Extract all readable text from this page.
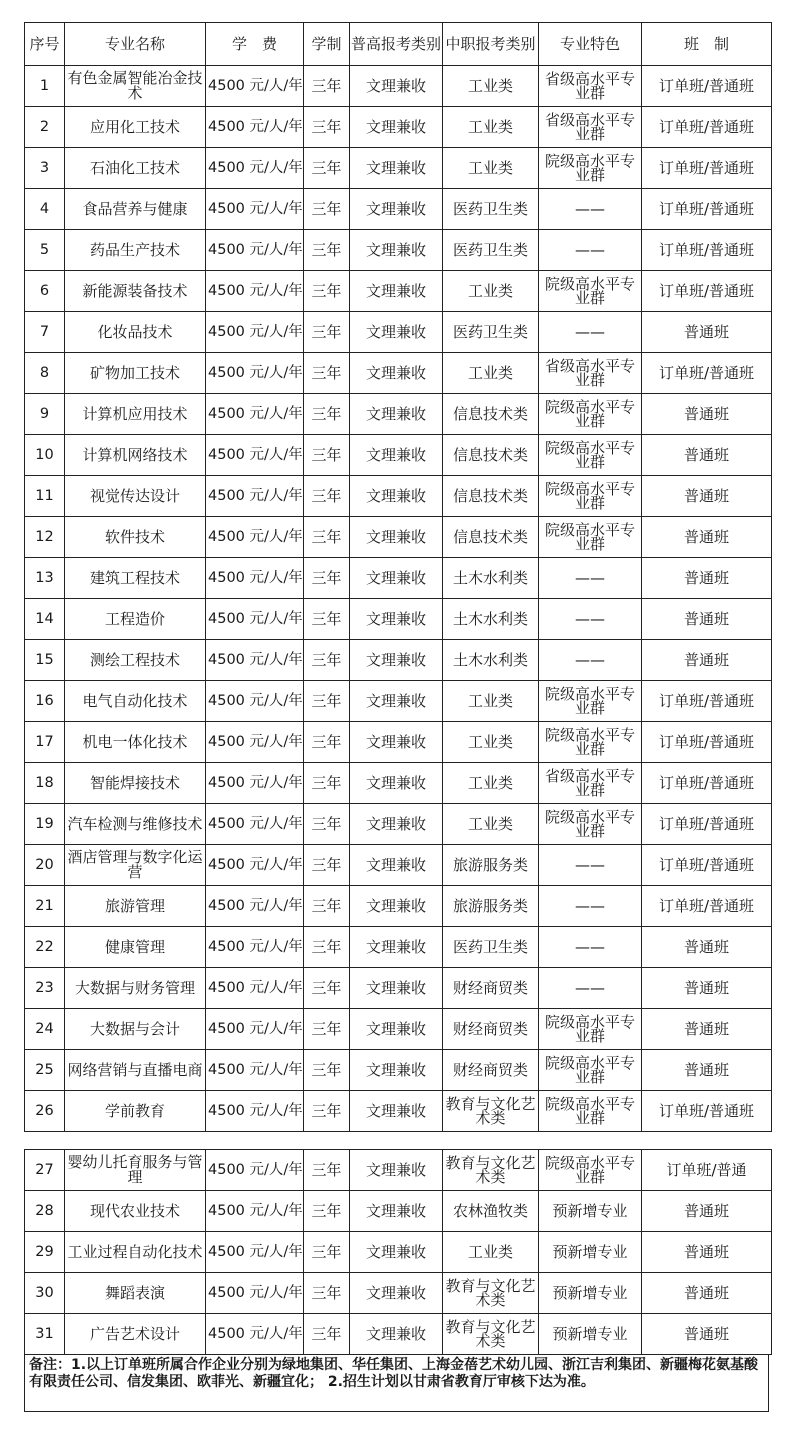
序号	专业名称	学　费	学制	普高报考类别	中职报考类别	专业特色	班　制
1	有色金属智能冶金技术	4500 元/人/年	三年	文理兼收	工业类	省级高水平专业群	订单班/普通班
2	应用化工技术	4500 元/人/年	三年	文理兼收	工业类	省级高水平专业群	订单班/普通班
3	石油化工技术	4500 元/人/年	三年	文理兼收	工业类	院级高水平专业群	订单班/普通班
4	食品营养与健康	4500 元/人/年	三年	文理兼收	医药卫生类	——	订单班/普通班
5	药品生产技术	4500 元/人/年	三年	文理兼收	医药卫生类	——	订单班/普通班
6	新能源装备技术	4500 元/人/年	三年	文理兼收	工业类	院级高水平专业群	订单班/普通班
7	化妆品技术	4500 元/人/年	三年	文理兼收	医药卫生类	——	普通班
8	矿物加工技术	4500 元/人/年	三年	文理兼收	工业类	省级高水平专业群	订单班/普通班
9	计算机应用技术	4500 元/人/年	三年	文理兼收	信息技术类	院级高水平专业群	普通班
10	计算机网络技术	4500 元/人/年	三年	文理兼收	信息技术类	院级高水平专业群	普通班
11	视觉传达设计	4500 元/人/年	三年	文理兼收	信息技术类	院级高水平专业群	普通班
12	软件技术	4500 元/人/年	三年	文理兼收	信息技术类	院级高水平专业群	普通班
13	建筑工程技术	4500 元/人/年	三年	文理兼收	土木水利类	——	普通班
14	工程造价	4500 元/人/年	三年	文理兼收	土木水利类	——	普通班
15	测绘工程技术	4500 元/人/年	三年	文理兼收	土木水利类	——	普通班
16	电气自动化技术	4500 元/人/年	三年	文理兼收	工业类	院级高水平专业群	订单班/普通班
17	机电一体化技术	4500 元/人/年	三年	文理兼收	工业类	院级高水平专业群	订单班/普通班
18	智能焊接技术	4500 元/人/年	三年	文理兼收	工业类	省级高水平专业群	订单班/普通班
19	汽车检测与维修技术	4500 元/人/年	三年	文理兼收	工业类	院级高水平专业群	订单班/普通班
20	酒店管理与数字化运营	4500 元/人/年	三年	文理兼收	旅游服务类	——	订单班/普通班
21	旅游管理	4500 元/人/年	三年	文理兼收	旅游服务类	——	订单班/普通班
22	健康管理	4500 元/人/年	三年	文理兼收	医药卫生类	——	普通班
23	大数据与财务管理	4500 元/人/年	三年	文理兼收	财经商贸类	——	普通班
24	大数据与会计	4500 元/人/年	三年	文理兼收	财经商贸类	院级高水平专业群	普通班
25	网络营销与直播电商	4500 元/人/年	三年	文理兼收	财经商贸类	院级高水平专业群	普通班
26	学前教育	4500 元/人/年	三年	文理兼收	教育与文化艺术类	院级高水平专业群	订单班/普通班
27	婴幼儿托育服务与管理	4500 元/人/年	三年	文理兼收	教育与文化艺术类	院级高水平专业群	订单班/普通
28	现代农业技术	4500 元/人/年	三年	文理兼收	农林渔牧类	预新增专业	普通班
29	工业过程自动化技术	4500 元/人/年	三年	文理兼收	工业类	预新增专业	普通班
30	舞蹈表演	4500 元/人/年	三年	文理兼收	教育与文化艺术类	预新增专业	普通班
31	广告艺术设计	4500 元/人/年	三年	文理兼收	教育与文化艺术类	预新增专业	普通班
备注：1.以上订单班所属合作企业分别为绿地集团、华任集团、上海金蓓艺术幼儿园、浙江吉利集团、新疆梅花氨基酸有限责任公司、信发集团、欧菲光、新疆宜化； 2.招生计划以甘肃省教育厅审核下达为准。
